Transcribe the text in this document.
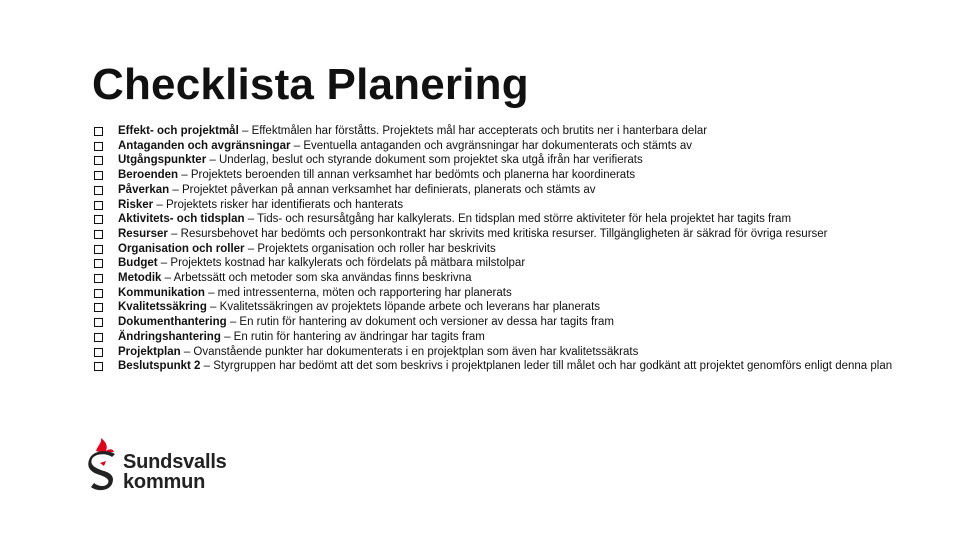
Checklista Planering
Effekt- och projektmål – Effektmålen har förståtts. Projektets mål har accepterats och brutits ner i hanterbara delar
Antaganden och avgränsningar – Eventuella antaganden och avgränsningar har dokumenterats och stämts av
Utgångspunkter – Underlag, beslut och styrande dokument som projektet ska utgå ifrån har verifierats
Beroenden – Projektets beroenden till annan verksamhet har bedömts och planerna har koordinerats
Påverkan – Projektet påverkan på annan verksamhet har definierats, planerats och stämts av
Risker – Projektets risker har identifierats och hanterats
Aktivitets- och tidsplan – Tids- och resursåtgång har kalkylerats. En tidsplan med större aktiviteter för hela projektet har tagits fram
Resurser – Resursbehovet har bedömts och personkontrakt har skrivits med kritiska resurser. Tillgängligheten är säkrad för övriga resurser
Organisation och roller – Projektets organisation och roller har beskrivits
Budget – Projektets kostnad har kalkylerats och fördelats på mätbara milstolpar
Metodik – Arbetssätt och metoder som ska användas finns beskrivna
Kommunikation – med intressenterna, möten och rapportering har planerats
Kvalitetssäkring – Kvalitetssäkringen av projektets löpande arbete och leverans har planerats
Dokumenthantering – En rutin för hantering av dokument och versioner av dessa har tagits fram
Ändringshantering – En rutin för hantering av ändringar har tagits fram
Projektplan – Ovanstående punkter har dokumenterats i en projektplan som även har kvalitetssäkrats
Beslutspunkt 2 – Styrgruppen har bedömt att det som beskrivs i projektplanen leder till målet och har godkänt att projektet genomförs enligt denna plan
Sundsvalls
kommun
